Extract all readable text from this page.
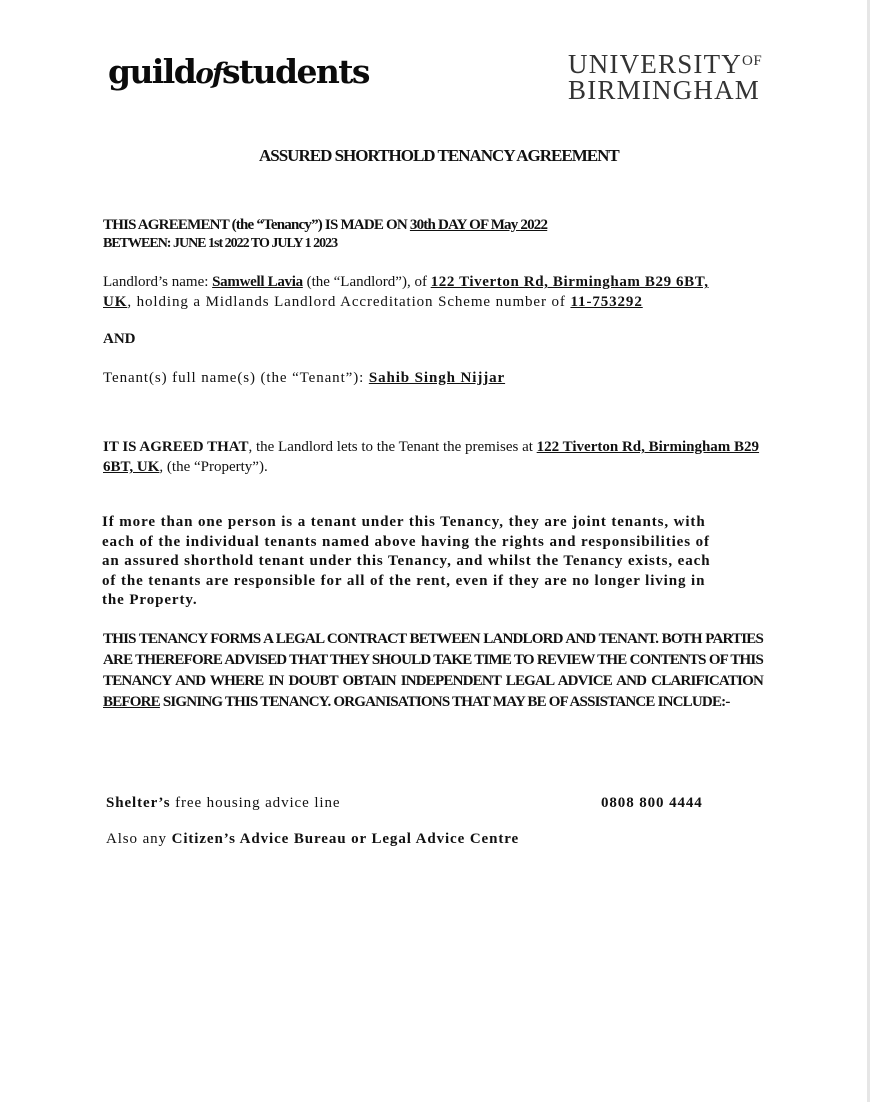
guildofstudents	$UNIVERSITY^{OF}$
BIRMINGHAM
ASSURED SHORTHOLD TENANCY AGREEMENT
THIS AGREEMENT (the “Tenancy”) IS MADE ON 30th DAY OF May 2022
BETWEEN: JUNE 1st 2022 TO JULY 1 2023
Landlord’s name: Samwell Lavia (the “Landlord”), of 122 Tiverton Rd, Birmingham B29 6BT,
UK, holding a Midlands Landlord Accreditation Scheme number of 11-753292
AND
Tenant(s) full name(s) (the “Tenant”): Sahib Singh Nijjar
IT IS AGREED THAT, the Landlord lets to the Tenant the premises at 122 Tiverton Rd, Birmingham B29
6BT, UK, (the “Property”).
If more than one person is a tenant under this Tenancy, they are joint tenants, with
each of the individual tenants named above having the rights and responsibilities of
an assured shorthold tenant under this Tenancy, and whilst the Tenancy exists, each
of the tenants are responsible for all of the rent, even if they are no longer living in
the Property.
THIS TENANCY FORMS A LEGAL CONTRACT BETWEEN LANDLORD AND TENANT. BOTH PARTIES ARE THEREFORE ADVISED THAT THEY SHOULD TAKE TIME TO REVIEW THE CONTENTS OF THIS TENANCY AND WHERE IN DOUBT OBTAIN INDEPENDENT LEGAL ADVICE AND CLARIFICATION BEFORE SIGNING THIS TENANCY. ORGANISATIONS THAT MAY BE OF ASSISTANCE INCLUDE:-
Shelter’s free housing advice line	0808 800 4444
Also any Citizen’s Advice Bureau or Legal Advice Centre
